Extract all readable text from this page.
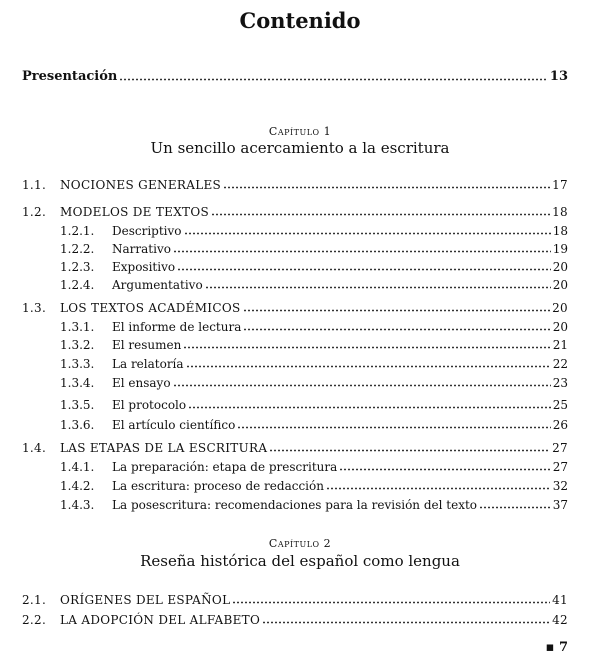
Contenido
Presentación	13
Capítulo 1
Un sencillo acercamiento a la escritura
1.1.	NOCIONES GENERALES	17
1.2.	MODELOS DE TEXTOS	18
1.2.1.	Descriptivo	18
1.2.2.	Narrativo	19
1.2.3.	Expositivo	20
1.2.4.	Argumentativo	20
1.3.	LOS TEXTOS ACADÉMICOS	20
1.3.1.	El informe de lectura	20
1.3.2.	El resumen	21
1.3.3.	La relatoría	22
1.3.4.	El ensayo	23
1.3.5.	El protocolo	25
1.3.6.	El artículo científico	26
1.4.	LAS ETAPAS DE LA ESCRITURA	27
1.4.1.	La preparación: etapa de prescritura	27
1.4.2.	La escritura: proceso de redacción	32
1.4.3.	La posescritura: recomendaciones para la revisión del texto	37
Capítulo 2
Reseña histórica del español como lengua
2.1.	ORÍGENES DEL ESPAÑOL	41
2.2.	LA ADOPCIÓN DEL ALFABETO	42
▪ 7
